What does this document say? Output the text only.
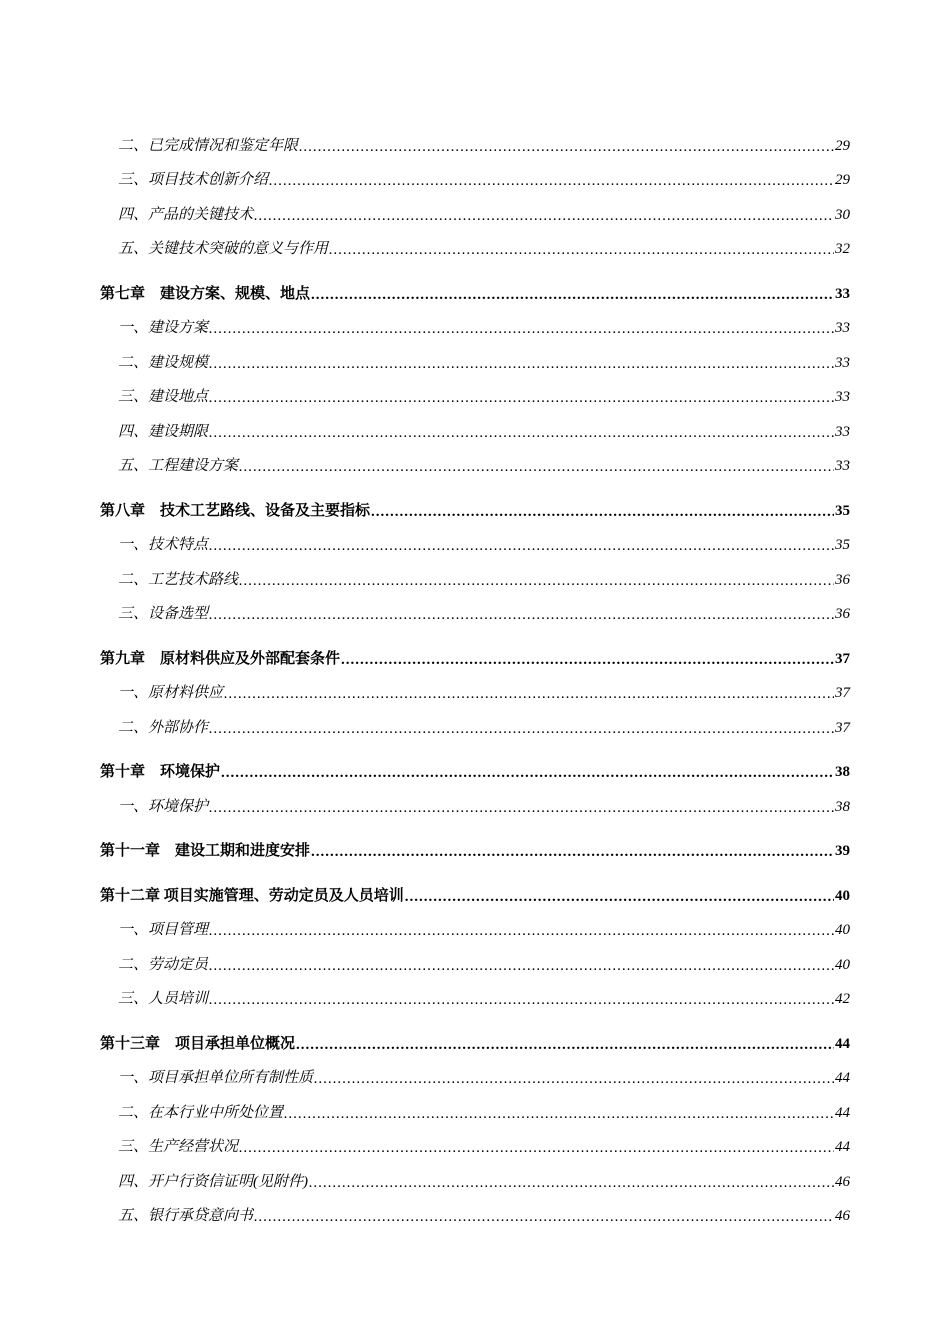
二、已完成情况和鉴定年限 .....	29
三、项目技术创新介绍 .....	29
四、产品的关键技术 .....	30
五、关键技术突破的意义与作用 .....	32
第七章　建设方案、规模、地点 .....	33
一、建设方案 .....	33
二、建设规模 .....	33
三、建设地点 .....	33
四、建设期限 .....	33
五、工程建设方案 .....	33
第八章　技术工艺路线、设备及主要指标 .....	35
一、技术特点 .....	35
二、工艺技术路线 .....	36
三、设备选型 .....	36
第九章　原材料供应及外部配套条件 .....	37
一、原材料供应 .....	37
二、外部协作 .....	37
第十章　环境保护 .....	38
一、环境保护 .....	38
第十一章　建设工期和进度安排 .....	39
第十二章 项目实施管理、劳动定员及人员培训 .....	40
一、项目管理 .....	40
二、劳动定员 .....	40
三、人员培训 .....	42
第十三章　项目承担单位概况 .....	44
一、项目承担单位所有制性质 .....	44
二、在本行业中所处位置 .....	44
三、生产经营状况 .....	44
四、开户行资信证明(见附件) .....	46
五、银行承贷意向书 .....	46
